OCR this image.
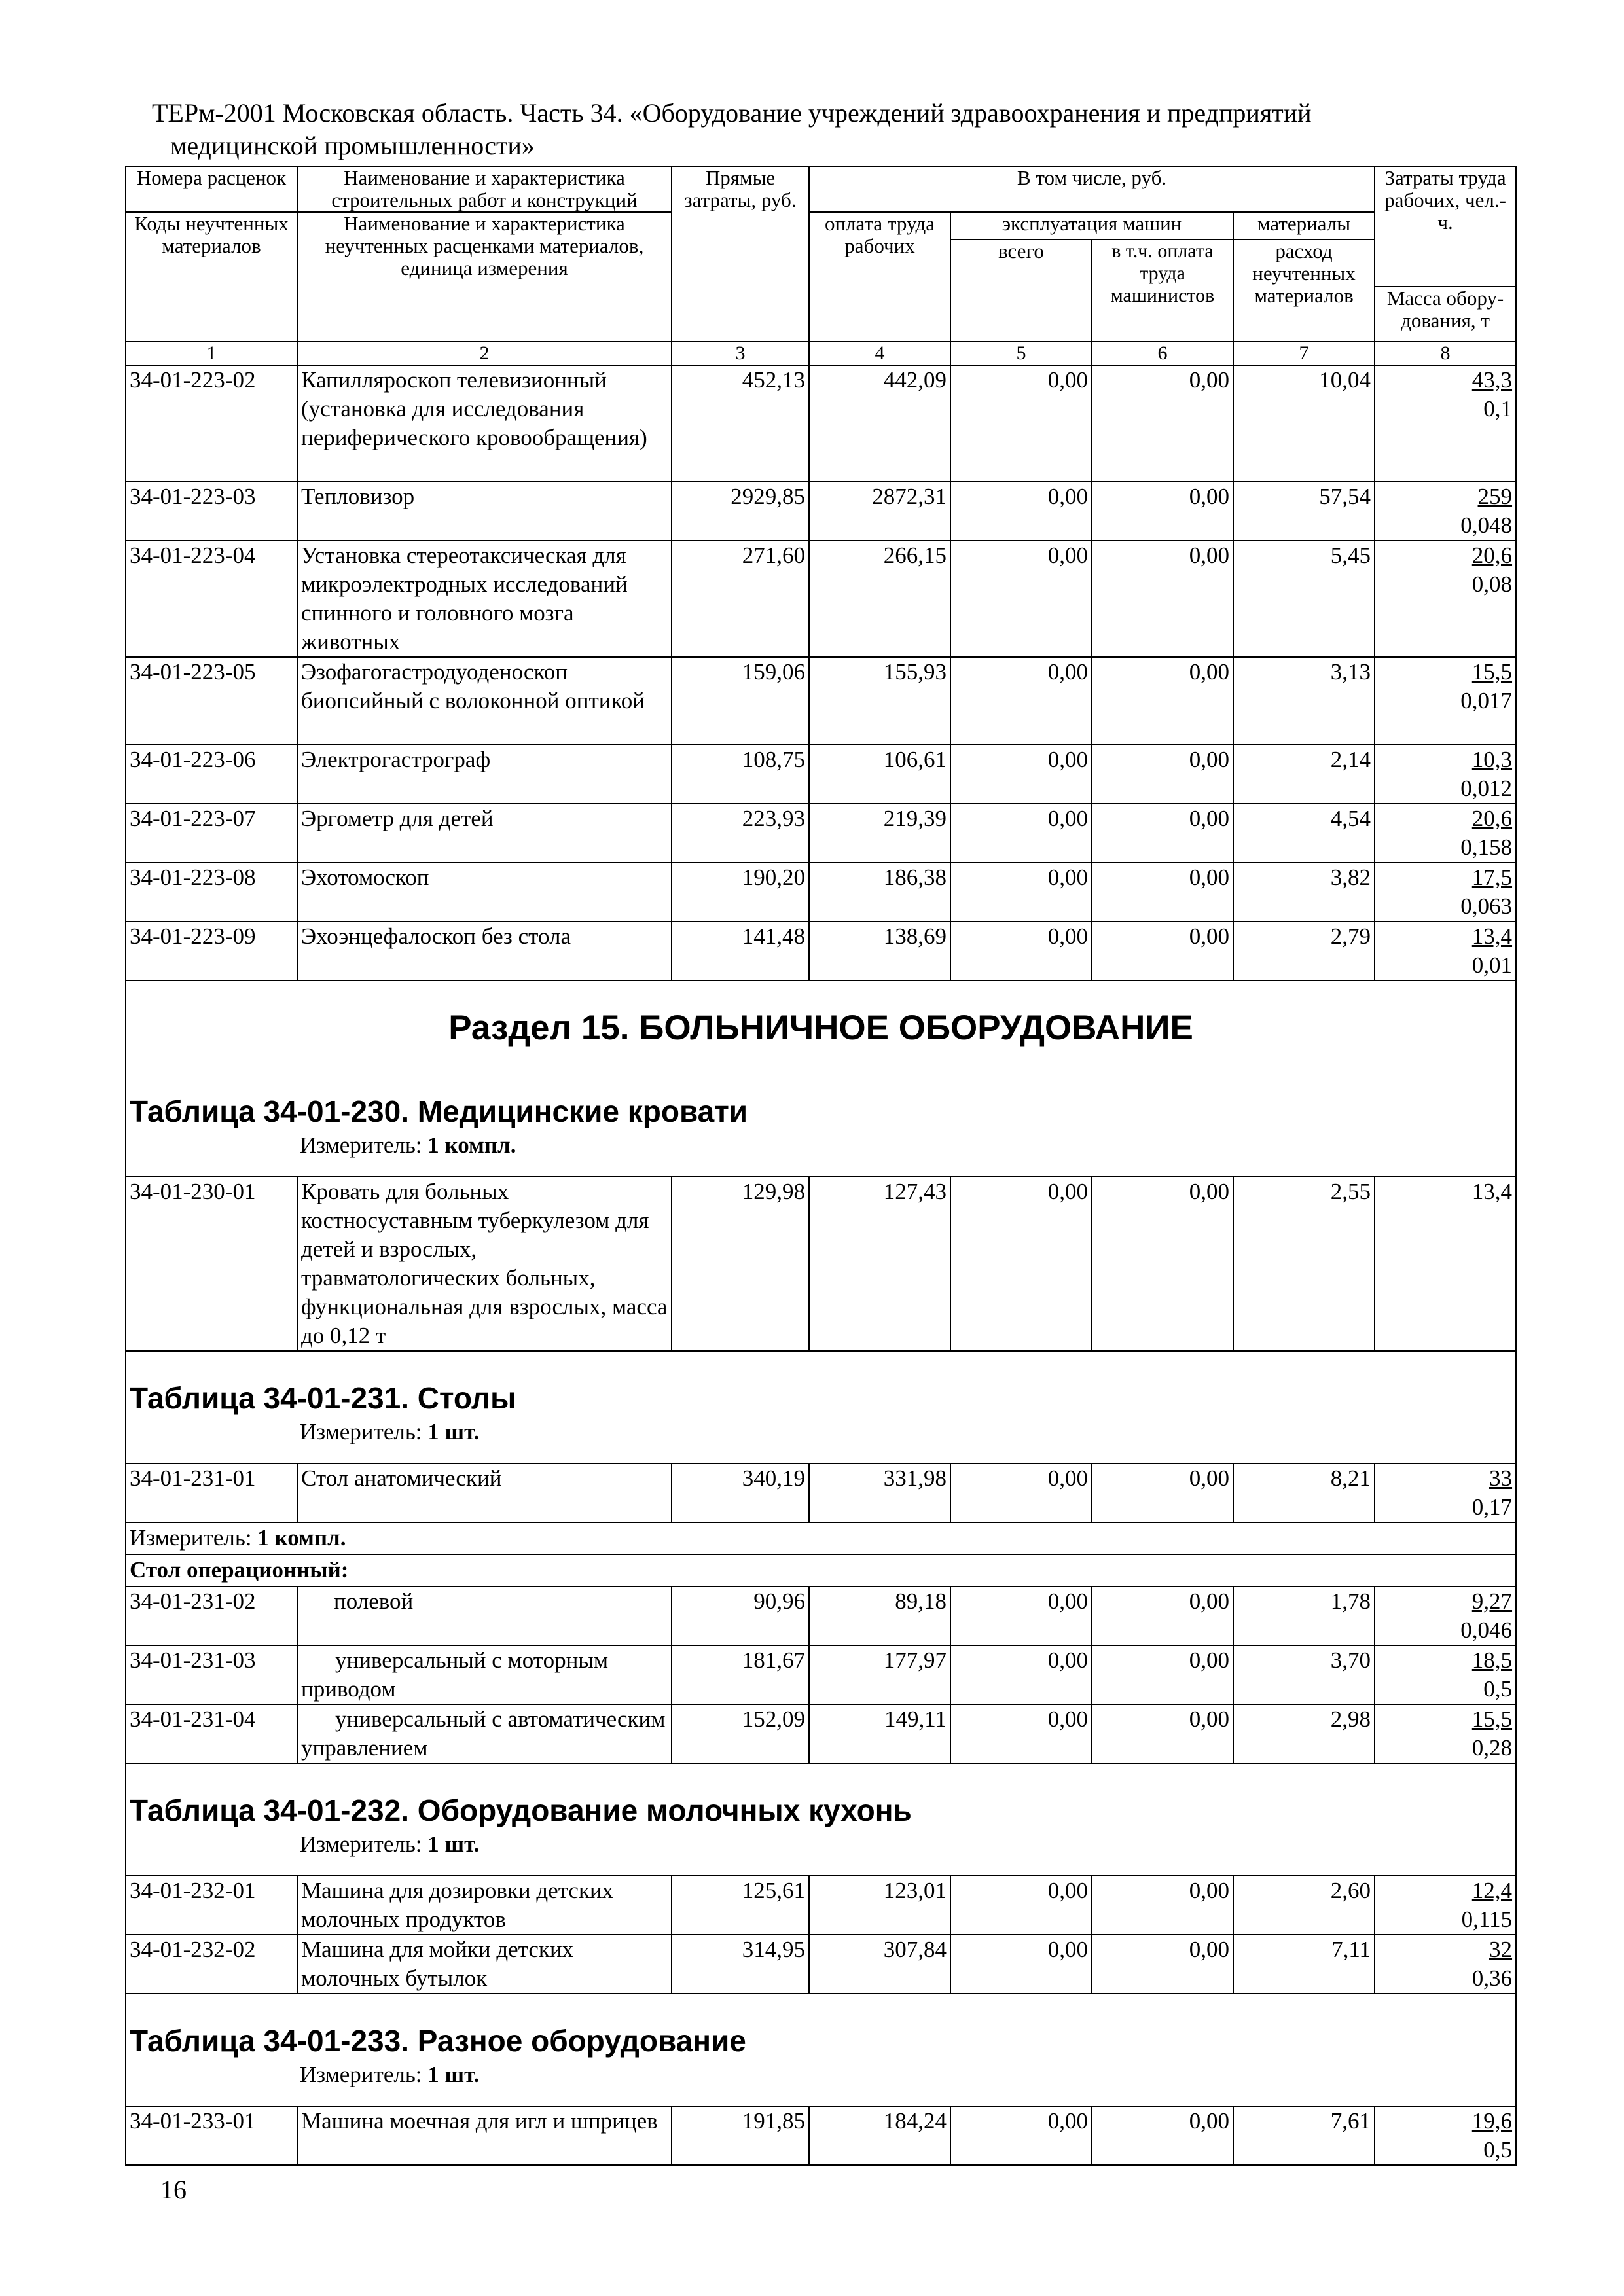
ТЕРм-2001 Московская область. Часть 34. «Оборудование учреждений здравоохранения и предприятий
медицинской промышленности»
Номера расценок	Наименование и характеристика строительных работ и конструкций	Прямые затраты, руб.	В том числе, руб.				Затраты труда рабочих, чел.-ч.
Коды неучтенных материалов	Наименование и характеристика неучтенных расценками материалов, единица измерения		оплата труда рабочих	эксплуатация машин		материалы	
				всего	в т.ч. оплата труда машинистов	расход неучтенных материалов	
							Масса обору-дования, т
1	2	3	4	5	6	7	8
34-01-223-02	Капилляроскоп телевизионный (установка для исследования периферического кровообращения)	452,13	442,09	0,00	0,00	10,04	43,3
0,1

34-01-223-03	Тепловизор	2929,85	2872,31	0,00	0,00	57,54	259
0,048

34-01-223-04	Установка стереотаксическая для микроэлектродных исследований спинного и головного мозга животных	271,60	266,15	0,00	0,00	5,45	20,6
0,08

34-01-223-05	Эзофагогастродуоденоскоп биопсийный с волоконной оптикой	159,06	155,93	0,00	0,00	3,13	15,5
0,017

34-01-223-06	Электрогастрограф	108,75	106,61	0,00	0,00	2,14	10,3
0,012

34-01-223-07	Эргометр для детей	223,93	219,39	0,00	0,00	4,54	20,6
0,158

34-01-223-08	Эхотомоскоп	190,20	186,38	0,00	0,00	3,82	17,5
0,063

34-01-223-09	Эхоэнцефалоскоп без стола	141,48	138,69	0,00	0,00	2,79	13,4
0,01

Раздел 15. БОЛЬНИЧНОЕ ОБОРУДОВАНИЕ
Таблица 34-01-230. Медицинские кровати
Измеритель: 1 компл.							

34-01-230-01	Кровать для больных костносуставным туберкулезом для детей и взрослых, травматологических больных, функциональная для взрослых, масса до 0,12 т	129,98	127,43	0,00	0,00	2,55	13,4

Таблица 34-01-231. Столы
Измеритель: 1 шт.							

34-01-231-01	Стол анатомический	340,19	331,98	0,00	0,00	8,21	33
0,17

Измеритель: 1 компл.							
Стол операционный:							
34-01-231-02	полевой	90,96	89,18	0,00	0,00	1,78	9,27
0,046

34-01-231-03	универсальный с моторным приводом	181,67	177,97	0,00	0,00	3,70	18,5
0,5

34-01-231-04	универсальный с автоматическим управлением	152,09	149,11	0,00	0,00	2,98	15,5
0,28

Таблица 34-01-232. Оборудование молочных кухонь
Измеритель: 1 шт.							

34-01-232-01	Машина для дозировки детских молочных продуктов	125,61	123,01	0,00	0,00	2,60	12,4
0,115

34-01-232-02	Машина для мойки детских молочных бутылок	314,95	307,84	0,00	0,00	7,11	32
0,36

Таблица 34-01-233. Разное оборудование
Измеритель: 1 шт.							

34-01-233-01	Машина моечная для игл и шприцев	191,85	184,24	0,00	0,00	7,61	19,6
0,5
16
